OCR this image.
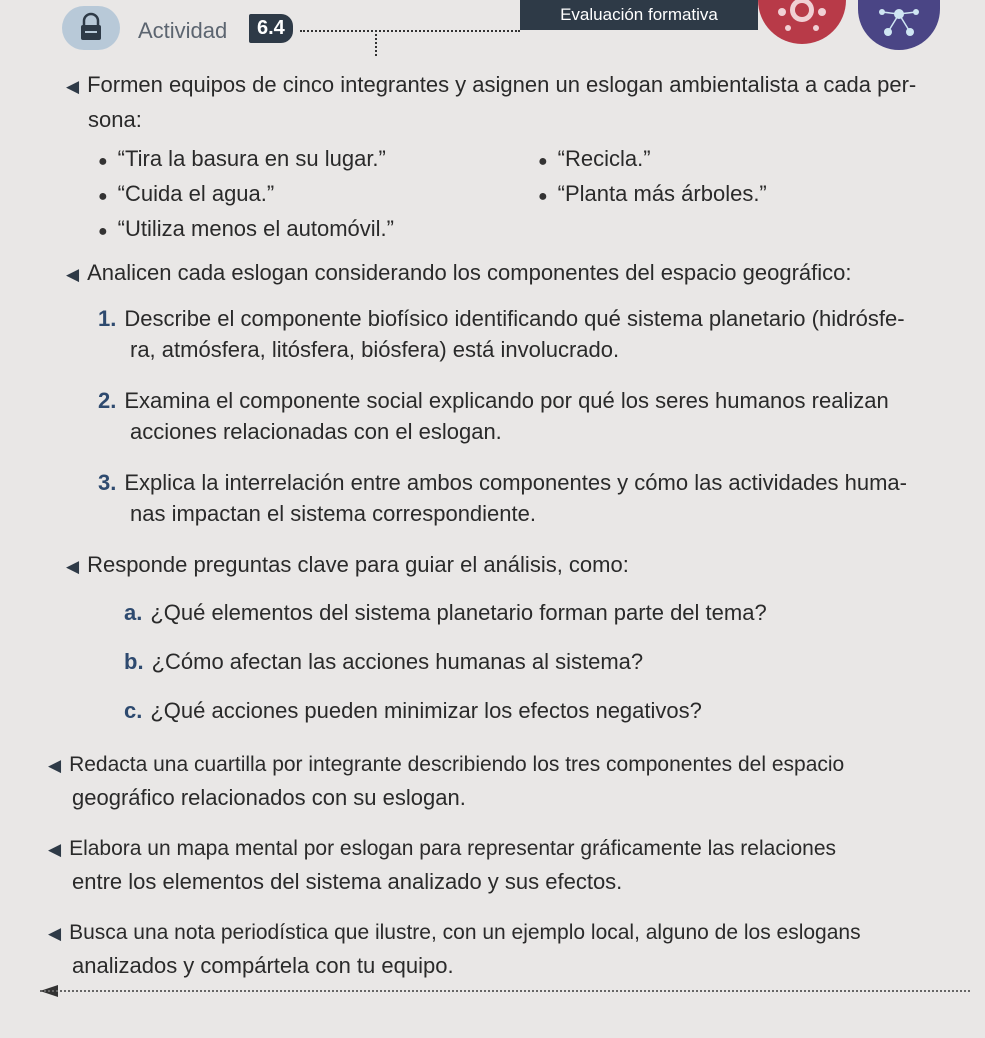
Actividad	6.4
Evaluación formativa
◀ Formen equipos de cinco integrantes y asignen un eslogan ambientalista a cada per-
sona:
● “Tira la basura en su lugar.”	● “Recicla.”
● “Cuida el agua.”	● “Planta más árboles.”
● “Utiliza menos el automóvil.”
◀ Analicen cada eslogan considerando los componentes del espacio geográfico:
1. Describe el componente biofísico identificando qué sistema planetario (hidrósfe-
ra, atmósfera, litósfera, biósfera) está involucrado.
2. Examina el componente social explicando por qué los seres humanos realizan
acciones relacionadas con el eslogan.
3. Explica la interrelación entre ambos componentes y cómo las actividades huma-
nas impactan el sistema correspondiente.
◀ Responde preguntas clave para guiar el análisis, como:
a. ¿Qué elementos del sistema planetario forman parte del tema?
b. ¿Cómo afectan las acciones humanas al sistema?
c. ¿Qué acciones pueden minimizar los efectos negativos?
◀ Redacta una cuartilla por integrante describiendo los tres componentes del espacio
geográfico relacionados con su eslogan.
◀ Elabora un mapa mental por eslogan para representar gráficamente las relaciones
entre los elementos del sistema analizado y sus efectos.
◀ Busca una nota periodística que ilustre, con un ejemplo local, alguno de los eslogans
analizados y compártela con tu equipo.
